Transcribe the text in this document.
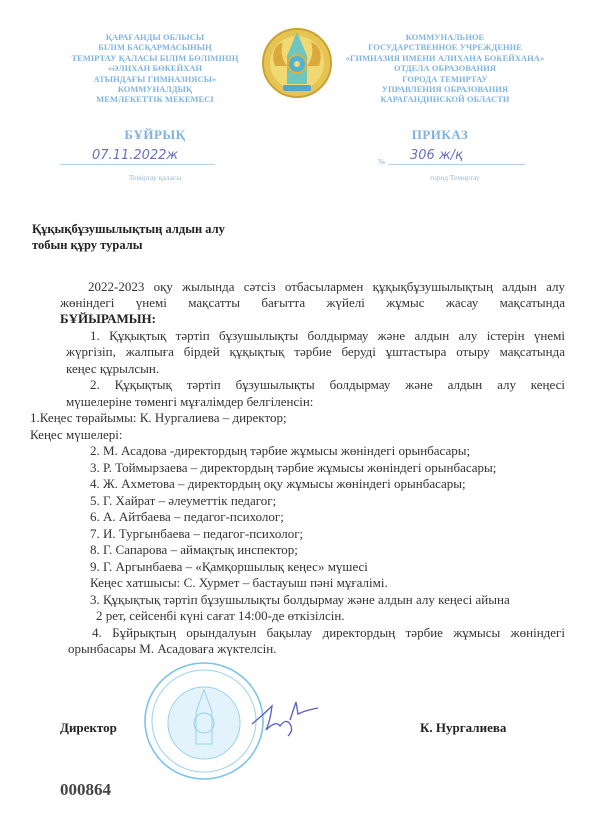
ҚАРАҒАНДЫ ОБЛЫСЫ
БІЛІМ БАСҚАРМАСЫНЫҢ
ТЕМІРТАУ ҚАЛАСЫ БІЛІМ БӨЛІМІНІҢ
«ӘЛИХАН БӨКЕЙХАН
АТЫНДАҒЫ ГИМНАЗИЯСЫ»
КОММУНАЛДЫҚ
МЕМЛЕКЕТТІК МЕКЕМЕСІ
КОММУНАЛЬНОЕ
ГОСУДАРСТВЕННОЕ УЧРЕЖДЕНИЕ
«ГИМНАЗИЯ ИМЕНИ АЛИХАНА БОКЕЙХАНА»
ОТДЕЛА ОБРАЗОВАНИЯ
ГОРОДА ТЕМИРТАУ
УПРАВЛЕНИЯ ОБРАЗОВАНИЯ
КАРАГАНДИНСКОЙ ОБЛАСТИ
БҰЙРЫҚ	ПРИКАЗ
07.11.2022ж
Теміртау қаласы
№ 306 ж/қ
город Темиртау
Құқықбұзушылықтың алдын алу
тобын құру туралы
2022-2023 оқу жылында сәтсіз отбасылармен құқықбұзушылықтың алдын алу
жөніндегі үнемі мақсатты бағытта жүйелі жұмыс жасау мақсатында
БҰЙЫРАМЫН:
1. Құқықтық тәртіп бұзушылықты болдырмау және алдын алу істерін үнемі
жүргізіп, жалпыға бірдей құқықтық тәрбие беруді ұштастыра отыру мақсатында
кеңес құрылсын.
2. Құқықтық тәртіп бұзушылықты болдырмау және алдын алу кеңесі
мүшелеріне төменгі мұғалімдер белгіленсін:
1.Кеңес төрайымы: К. Нургалиева – директор;
Кеңес мүшелері:
2. М. Асадова -директордың тәрбие жұмысы жөніндегі орынбасары;
3. Р. Тоймырзаева – директордың тәрбие жұмысы жөніндегі орынбасары;
4. Ж. Ахметова – директордың оқу жұмысы жөніндегі орынбасары;
5. Г. Хайрат – әлеуметтік педагог;
6. А. Айтбаева – педагог-психолог;
7. И. Тургынбаева – педагог-психолог;
8. Г. Сапарова – аймақтық инспектор;
9. Г. Аргынбаева – «Қамқоршылық кеңес» мүшесі
Кеңес хатшысы: С. Хурмет – бастауыш пәні мұғалімі.
3. Құқықтық тәртіп бұзушылықты болдырмау және алдын алу кеңесі айына
2 рет, сейсенбі күні сағат 14:00-де өткізілсін.
4. Бұйрықтың орындалуын бақылау директордың тәрбие жұмысы жөніндегі
орынбасары М. Асадоваға жүктелсін.
Директор	К. Нургалиева
000864
